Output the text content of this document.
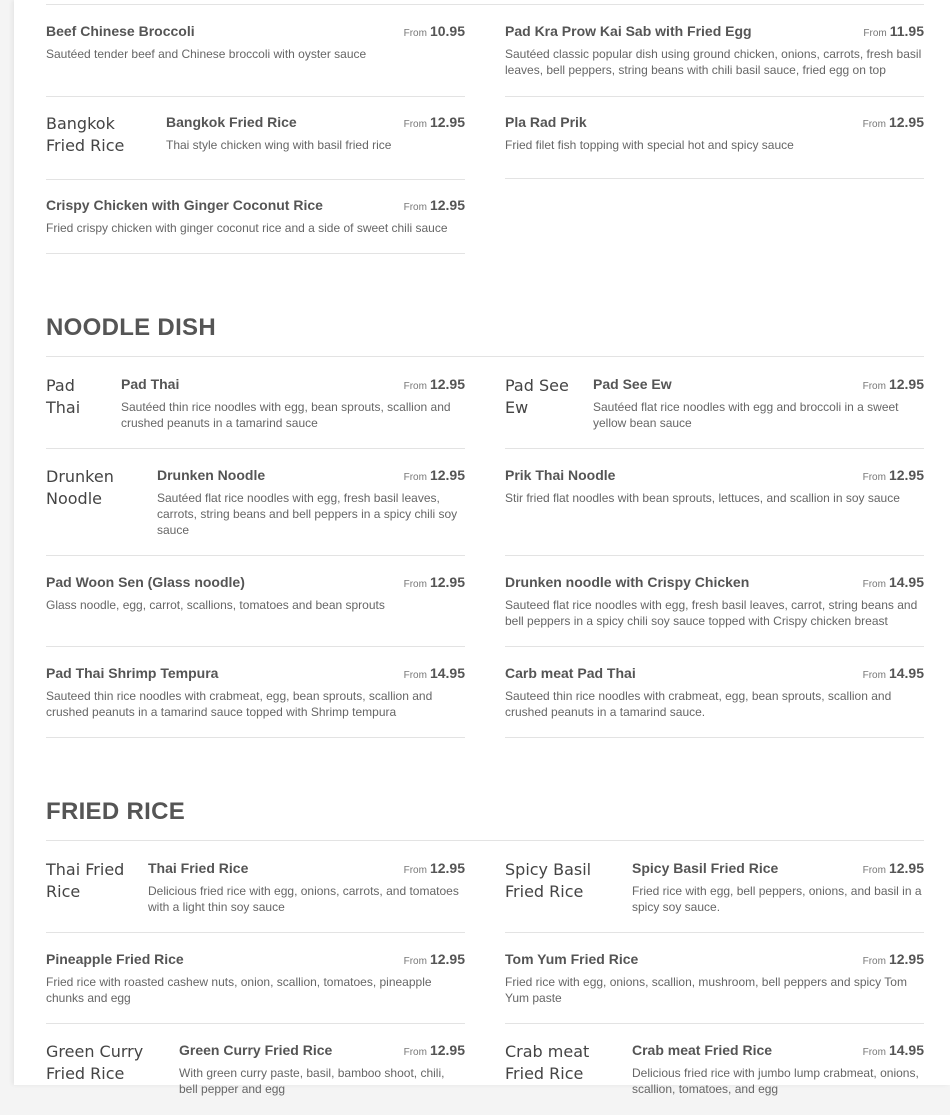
Beef Chinese Broccoli	From 10.95
Sautéed tender beef and Chinese broccoli with oyster sauce
Pad Kra Prow Kai Sab with Fried Egg	From 11.95
Sautéed classic popular dish using ground chicken, onions, carrots, fresh basil leaves, bell peppers, string beans with chili basil sauce, fried egg on top
Bangkok Fried Rice
Bangkok Fried Rice	From 12.95
Thai style chicken wing with basil fried rice
Pla Rad Prik	From 12.95
Fried filet fish topping with special hot and spicy sauce
Crispy Chicken with Ginger Coconut Rice	From 12.95
Fried crispy chicken with ginger coconut rice and a side of sweet chili sauce
NOODLE DISH
Pad Thai
Pad Thai	From 12.95
Sautéed thin rice noodles with egg, bean sprouts, scallion and crushed peanuts in a tamarind sauce
Pad See Ew
Pad See Ew	From 12.95
Sautéed flat rice noodles with egg and broccoli in a sweet yellow bean sauce
Drunken Noodle
Drunken Noodle	From 12.95
Sautéed flat rice noodles with egg, fresh basil leaves, carrots, string beans and bell peppers in a spicy chili soy sauce
Prik Thai Noodle	From 12.95
Stir fried flat noodles with bean sprouts, lettuces, and scallion in soy sauce
Pad Woon Sen (Glass noodle)	From 12.95
Glass noodle, egg, carrot, scallions, tomatoes and bean sprouts
Drunken noodle with Crispy Chicken	From 14.95
Sauteed flat rice noodles with egg, fresh basil leaves, carrot, string beans and bell peppers in a spicy chili soy sauce topped with Crispy chicken breast
Pad Thai Shrimp Tempura	From 14.95
Sauteed thin rice noodles with crabmeat, egg, bean sprouts, scallion and crushed peanuts in a tamarind sauce topped with Shrimp tempura
Carb meat Pad Thai	From 14.95
Sauteed thin rice noodles with crabmeat, egg, bean sprouts, scallion and crushed peanuts in a tamarind sauce.
FRIED RICE
Thai Fried Rice
Thai Fried Rice	From 12.95
Delicious fried rice with egg, onions, carrots, and tomatoes with a light thin soy sauce
Spicy Basil Fried Rice
Spicy Basil Fried Rice	From 12.95
Fried rice with egg, bell peppers, onions, and basil in a spicy soy sauce.
Pineapple Fried Rice	From 12.95
Fried rice with roasted cashew nuts, onion, scallion, tomatoes, pineapple chunks and egg
Tom Yum Fried Rice	From 12.95
Fried rice with egg, onions, scallion, mushroom, bell peppers and spicy Tom Yum paste
Green Curry Fried Rice
Green Curry Fried Rice	From 12.95
With green curry paste, basil, bamboo shoot, chili, bell pepper and egg
Crab meat Fried Rice
Crab meat Fried Rice	From 14.95
Delicious fried rice with jumbo lump crabmeat, onions, scallion, tomatoes, and egg
